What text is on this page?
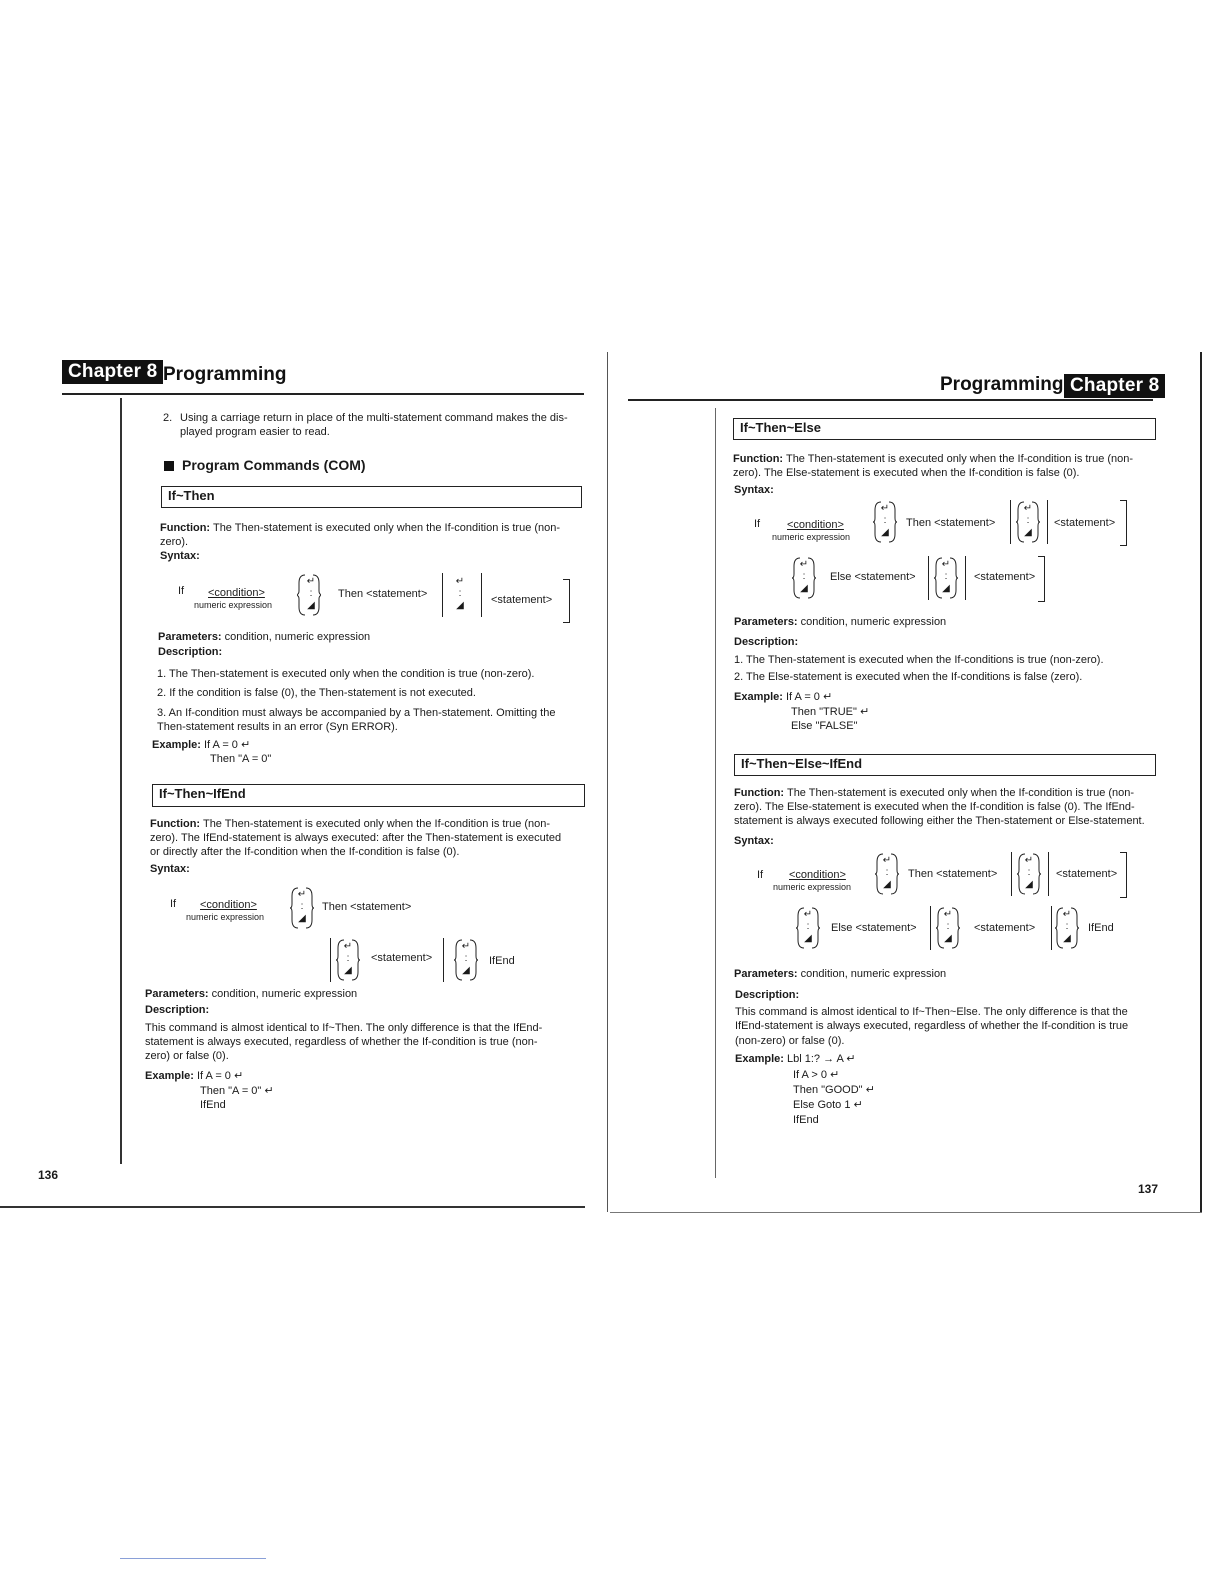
Chapter 8 Programming
2. Using a carriage return in place of the multi-statement command makes the dis-
played program easier to read.
Program Commands (COM)
If~Then
Function: The Then-statement is executed only when the If-condition is true (non-
zero).
Syntax:
If <condition>
numeric expression
↵
:
◢
Then <statement>
↵
:
◢ <statement>
Parameters: condition, numeric expression
Description:
1. The Then-statement is executed only when the condition is true (non-zero).
2. If the condition is false (0), the Then-statement is not executed.
3. An If-condition must always be accompanied by a Then-statement. Omitting the
Then-statement results in an error (Syn ERROR).
Example: If A = 0 ↵
Then "A = 0"
If~Then~IfEnd
Function: The Then-statement is executed only when the If-condition is true (non-
zero). The IfEnd-statement is always executed: after the Then-statement is executed
or directly after the If-condition when the If-condition is false (0).
Syntax:
If <condition>
numeric expression
↵
:
◢
Then <statement>
↵
:
◢
<statement>
↵
:
◢
IfEnd
Parameters: condition, numeric expression
Description:
This command is almost identical to If~Then. The only difference is that the IfEnd-
statement is always executed, regardless of whether the If-condition is true (non-
zero) or false (0).
Example: If A = 0 ↵
Then "A = 0" ↵
IfEnd
136
Programming Chapter 8
If~Then~Else
Function: The Then-statement is executed only when the If-condition is true (non-
zero). The Else-statement is executed when the If-condition is false (0).
Syntax:
If <condition>
numeric expression
↵
:
◢
Then <statement>
↵
:
◢
<statement>
↵
:
◢
Else <statement>
↵
:
◢
<statement>
Parameters: condition, numeric expression
Description:
1. The Then-statement is executed when the If-conditions is true (non-zero).
2. The Else-statement is executed when the If-conditions is false (zero).
Example: If A = 0 ↵
Then "TRUE" ↵
Else "FALSE"
If~Then~Else~IfEnd
Function: The Then-statement is executed only when the If-condition is true (non-
zero). The Else-statement is executed when the If-condition is false (0). The IfEnd-
statement is always executed following either the Then-statement or Else-statement.
Syntax:
If <condition>
numeric expression
↵
:
◢
Then <statement>
↵
:
◢
<statement>
↵
:
◢
Else <statement>
↵
:
◢
<statement>
↵
:
◢
IfEnd
Parameters: condition, numeric expression
Description:
This command is almost identical to If~Then~Else. The only difference is that the
IfEnd-statement is always executed, regardless of whether the If-condition is true
(non-zero) or false (0).
Example: Lbl 1:? → A ↵
If A > 0 ↵
Then "GOOD" ↵
Else Goto 1 ↵
IfEnd
137
